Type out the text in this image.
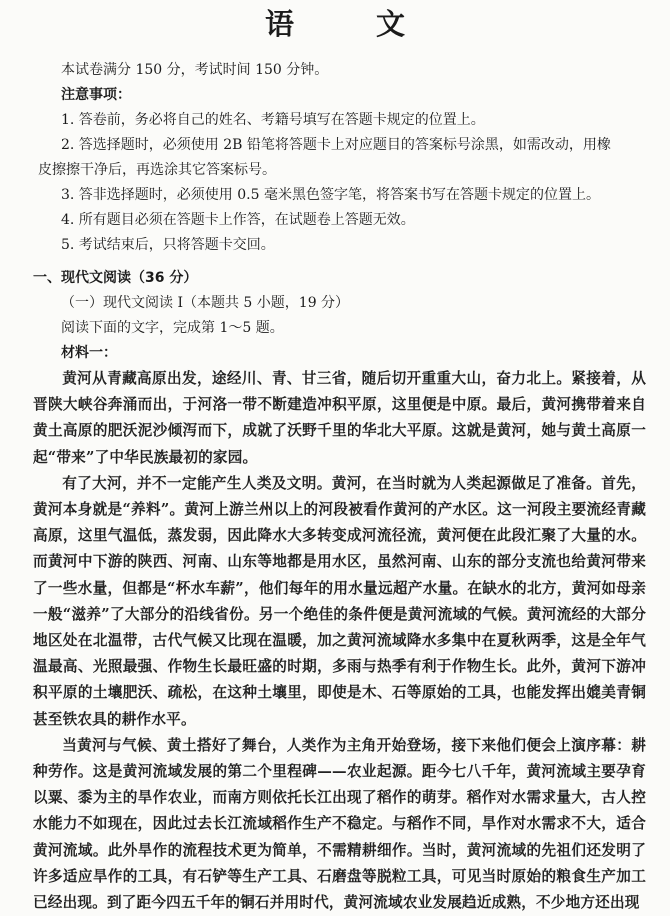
语 文
本试卷满分 150 分，考试时间 150 分钟。
注意事项：
1. 答卷前，务必将自己的姓名、考籍号填写在答题卡规定的位置上。
2. 答选择题时，必须使用 2B 铅笔将答题卡上对应题目的答案标号涂黑，如需改动，用橡
皮擦擦干净后，再选涂其它答案标号。
3. 答非选择题时，必须使用 0.5 毫米黑色签字笔，将答案书写在答题卡规定的位置上。
4. 所有题目必须在答题卡上作答，在试题卷上答题无效。
5. 考试结束后，只将答题卡交回。
一、现代文阅读（36 分）
（一）现代文阅读 Ⅰ（本题共 5 小题，19 分）
阅读下面的文字，完成第 1～5 题。
材料一：

黄河从青藏高原出发，途经川、青、甘三省，随后切开重重大山，奋力北上。紧接着，从晋陕大峡谷奔涌而出，于河洛一带不断建造冲积平原，这里便是中原。最后，黄河携带着来自黄土高原的肥沃泥沙倾泻而下，成就了沃野千里的华北大平原。这就是黄河，她与黄土高原一起“带来”了中华民族最初的家园。

有了大河，并不一定能产生人类及文明。黄河，在当时就为人类起源做足了准备。首先，黄河本身就是“养料”。黄河上游兰州以上的河段被看作黄河的产水区。这一河段主要流经青藏高原，这里气温低，蒸发弱，因此降水大多转变成河流径流，黄河便在此段汇聚了大量的水。而黄河中下游的陕西、河南、山东等地都是用水区，虽然河南、山东的部分支流也给黄河带来了一些水量，但都是“杯水车薪”，他们每年的用水量远超产水量。在缺水的北方，黄河如母亲一般“滋养”了大部分的沿线省份。另一个绝佳的条件便是黄河流域的气候。黄河流经的大部分地区处在北温带，古代气候又比现在温暖，加之黄河流域降水多集中在夏秋两季，这是全年气温最高、光照最强、作物生长最旺盛的时期，多雨与热季有利于作物生长。此外，黄河下游冲积平原的土壤肥沃、疏松，在这种土壤里，即使是木、石等原始的工具，也能发挥出媲美青铜甚至铁农具的耕作水平。

当黄河与气候、黄土搭好了舞台，人类作为主角开始登场，接下来他们便会上演序幕：耕种劳作。这是黄河流域发展的第二个里程碑——农业起源。距今七八千年，黄河流域主要孕育以粟、黍为主的旱作农业，而南方则依托长江出现了稻作的萌芽。稻作对水需求量大，古人控水能力不如现在，因此过去长江流域稻作生产不稳定。与稻作不同，旱作对水需求不大，适合黄河流域。此外旱作的流程技术更为简单，不需精耕细作。当时，黄河流域的先祖们还发明了许多适应旱作的工具，有石铲等生产工具、石磨盘等脱粒工具，可见当时原始的粮食生产加工已经出现。到了距今四五千年的铜石并用时代，黄河流域农业发展趋近成熟，不少地方还出现
